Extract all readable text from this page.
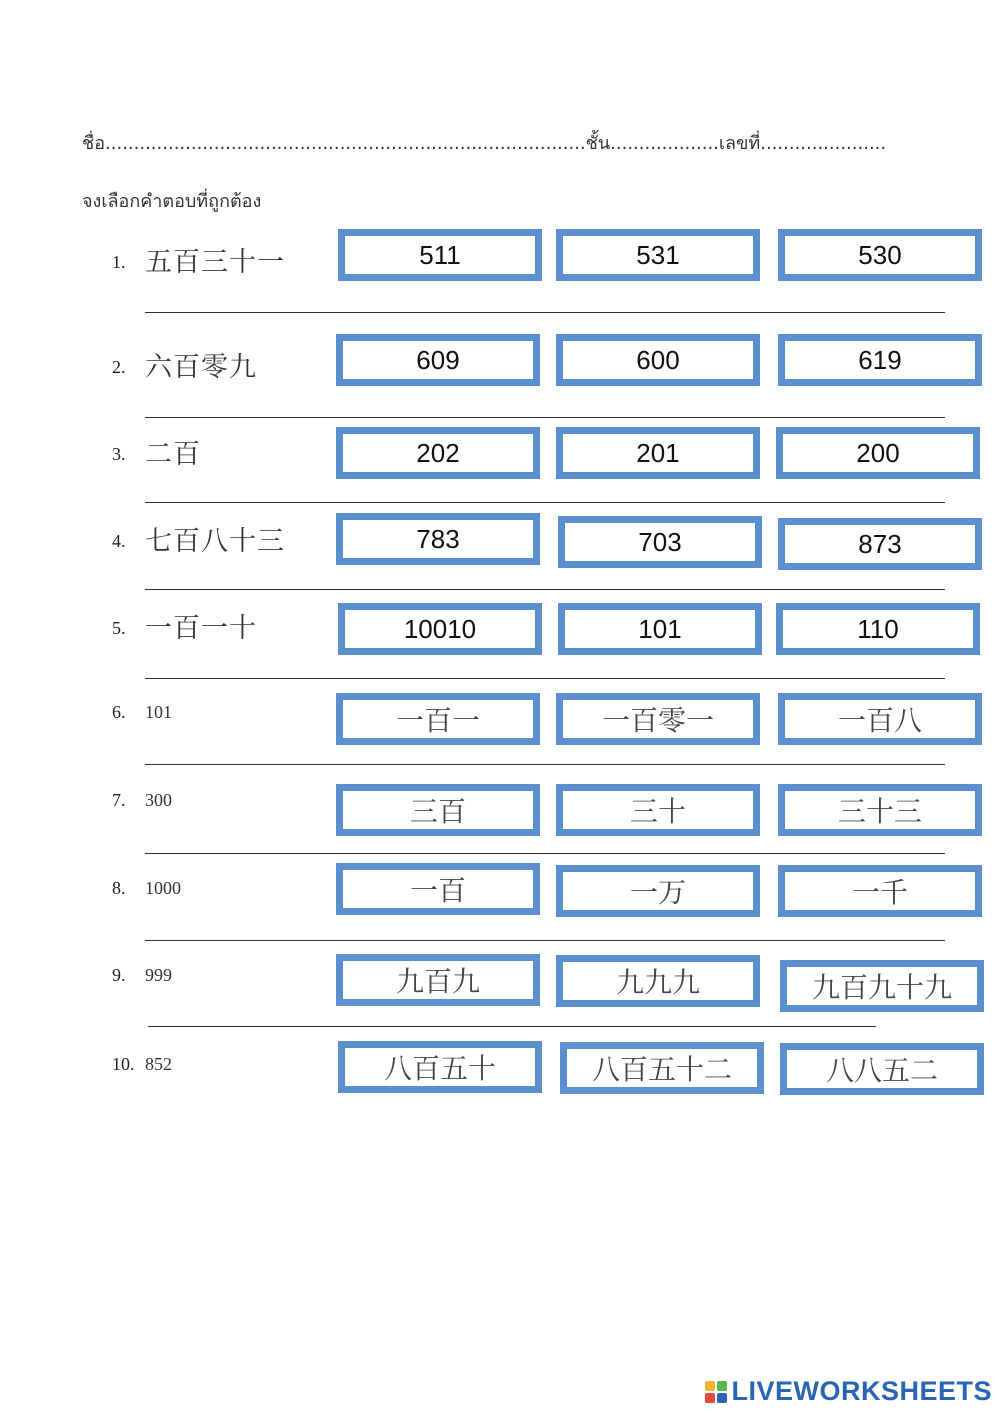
ชื่อ....................................................................................ชั้น...................เลขที่......................
จงเลือกคำตอบที่ถูกต้อง
1. 五百三十一	511	531	530
2. 六百零九	609	600	619
3. 二百	202	201	200
4. 七百八十三	783	703	873
5. 一百一十	10010	101	110
6. 101	一百一	一百零一	一百八
7. 300	三百	三十	三十三
8. 1000	一百	一万	一千
9. 999	九百九	九九九	九百九十九
10. 852	八百五十	八百五十二	八八五二
LIVEWORKSHEETS
